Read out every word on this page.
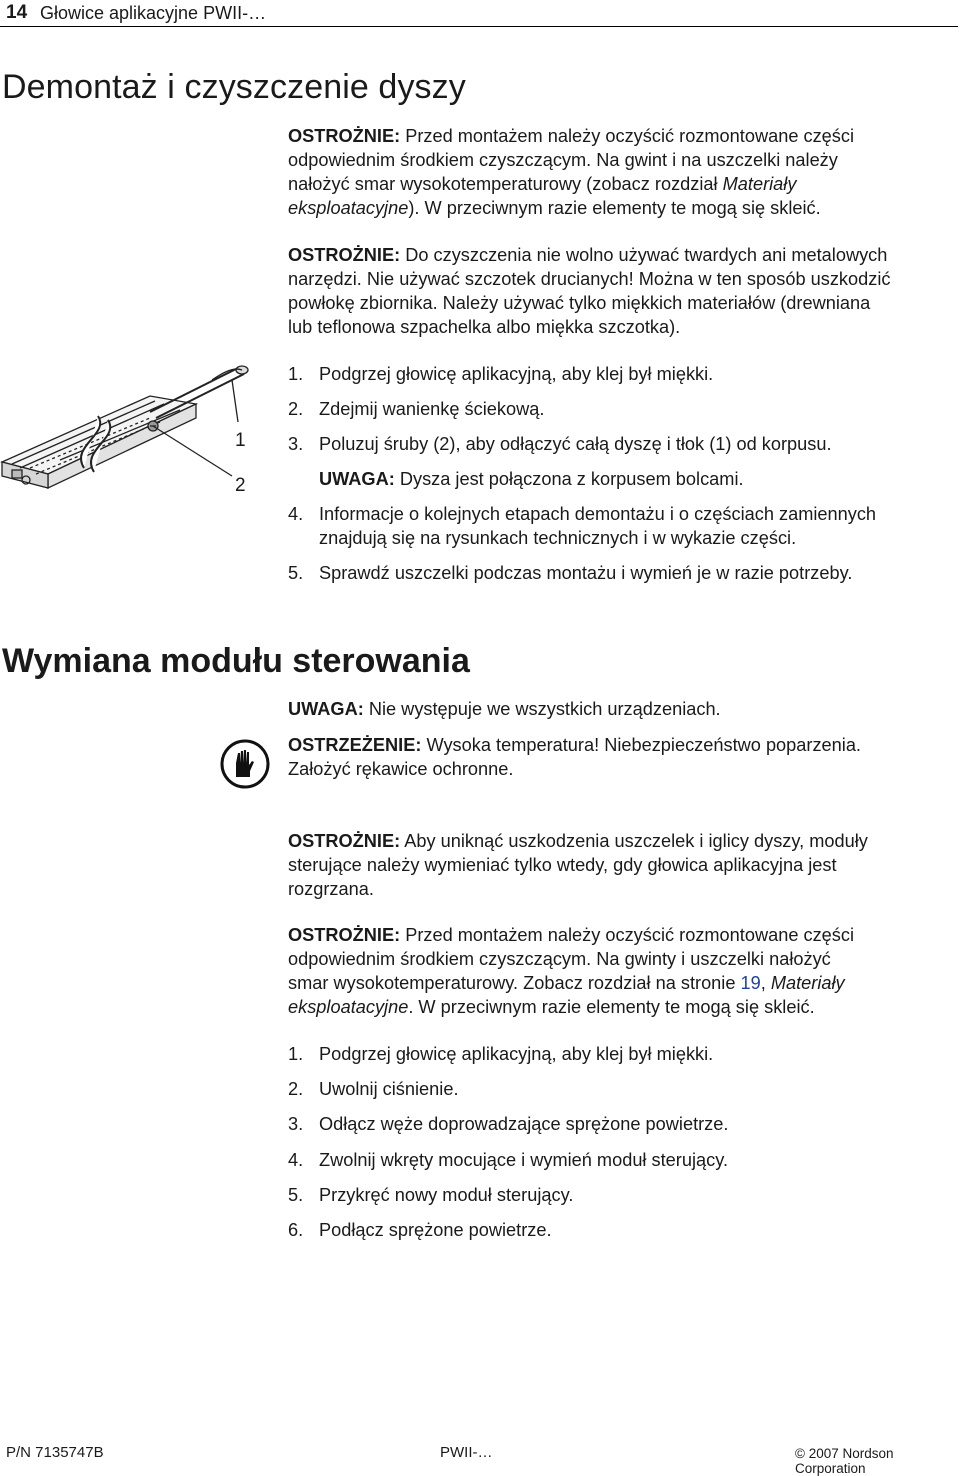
14 Głowice aplikacyjne PWII-…
Demontaż i czyszczenie dyszy

OSTROŻNIE: Przed montażem należy oczyścić rozmontowane części
odpowiednim środkiem czyszczącym. Na gwint i na uszczelki należy
nałożyć smar wysokotemperaturowy (zobacz rozdział Materiały
eksploatacyjne). W przeciwnym razie elementy te mogą się skleić.

OSTROŻNIE: Do czyszczenia nie wolno używać twardych ani metalowych
narzędzi. Nie używać szczotek drucianych! Można w ten sposób uszkodzić
powłokę zbiornika. Należy używać tylko miękkich materiałów (drewniana
lub teflonowa szpachelka albo miękka szczotka).

1
2
1. Podgrzej głowicę aplikacyjną, aby klej był miękki.
2. Zdejmij wanienkę ściekową.
3. Poluzuj śruby (2), aby odłączyć całą dyszę i tłok (1) od korpusu.
4. Informacje o kolejnych etapach demontażu i o częściach zamiennych
znajdują się na rysunkach technicznych i w wykazie części.
5. Sprawdź uszczelki podczas montażu i wymień je w razie potrzeby.
UWAGA: Dysza jest połączona z korpusem bolcami.
Wymiana modułu sterowania

UWAGA: Nie występuje we wszystkich urządzeniach.

OSTRZEŻENIE: Wysoka temperatura! Niebezpieczeństwo poparzenia.
Założyć rękawice ochronne.

OSTROŻNIE: Aby uniknąć uszkodzenia uszczelek i iglicy dyszy, moduły
sterujące należy wymieniać tylko wtedy, gdy głowica aplikacyjna jest
rozgrzana.

OSTROŻNIE: Przed montażem należy oczyścić rozmontowane części
odpowiednim środkiem czyszczącym. Na gwinty i uszczelki nałożyć
smar wysokotemperaturowy. Zobacz rozdział na stronie 19, Materiały
eksploatacyjne. W przeciwnym razie elementy te mogą się skleić.

1. Podgrzej głowicę aplikacyjną, aby klej był miękki.
2. Uwolnij ciśnienie.
3. Odłącz węże doprowadzające sprężone powietrze.
4. Zwolnij wkręty mocujące i wymień moduł sterujący.
5. Przykręć nowy moduł sterujący.
6. Podłącz sprężone powietrze.
P/N 7135747B	PWII-…	© 2007 Nordson Corporation
